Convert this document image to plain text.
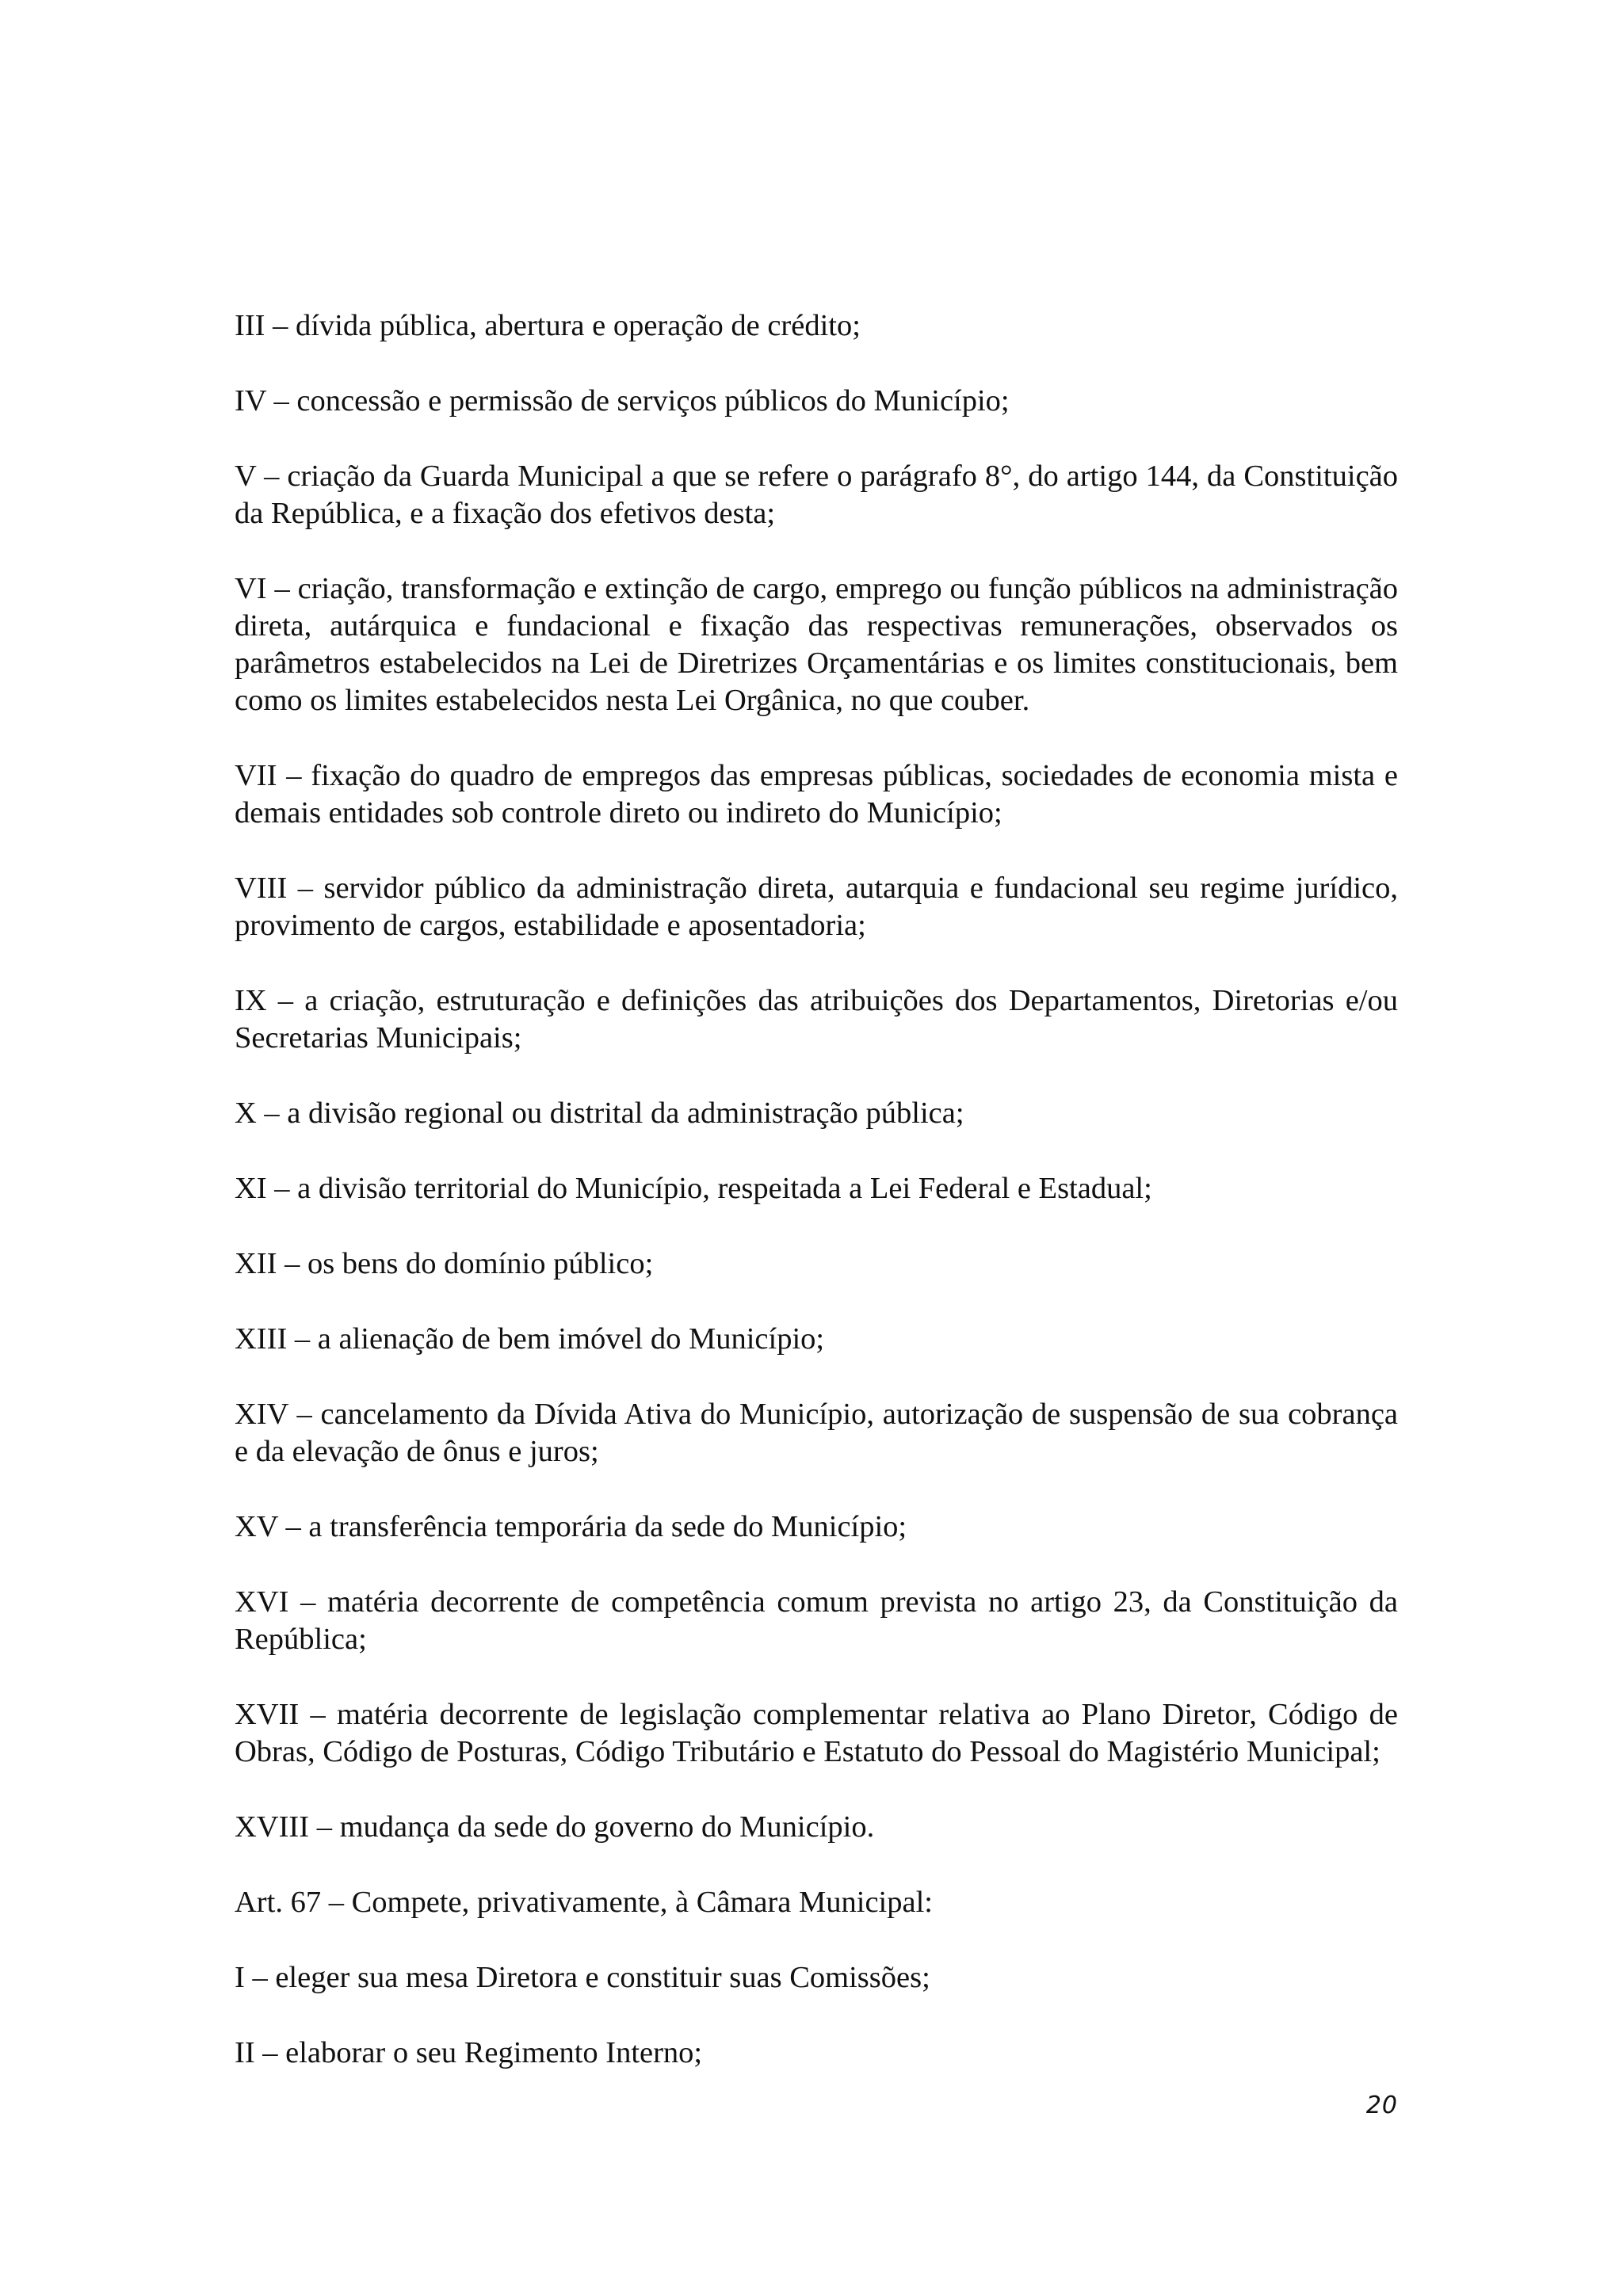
III – dívida pública, abertura e operação de crédito;

IV – concessão e permissão de serviços públicos do Município;

V – criação da Guarda Municipal a que se refere o parágrafo 8°, do artigo 144, da Constituição da República, e a fixação dos efetivos desta;

VI – criação, transformação e extinção de cargo, emprego ou função públicos na administração direta, autárquica e fundacional e fixação das respectivas remunerações, observados os parâmetros estabelecidos na Lei de Diretrizes Orçamentárias e os limites constitucionais, bem como os limites estabelecidos nesta Lei Orgânica, no que couber.

VII – fixação do quadro de empregos das empresas públicas, sociedades de economia mista e demais entidades sob controle direto ou indireto do Município;

VIII – servidor público da administração direta, autarquia e fundacional seu regime jurídico, provimento de cargos, estabilidade e aposentadoria;

IX – a criação, estruturação e definições das atribuições dos Departamentos, Diretorias e/ou Secretarias Municipais;

X – a divisão regional ou distrital da administração pública;

XI – a divisão territorial do Município, respeitada a Lei Federal e Estadual;

XII – os bens do domínio público;

XIII – a alienação de bem imóvel do Município;

XIV – cancelamento da Dívida Ativa do Município, autorização de suspensão de sua cobrança e da elevação de ônus e juros;

XV – a transferência temporária da sede do Município;

XVI – matéria decorrente de competência comum prevista no artigo 23, da Constituição da República;

XVII – matéria decorrente de legislação complementar relativa ao Plano Diretor, Código de Obras, Código de Posturas, Código Tributário e Estatuto do Pessoal do Magistério Municipal;

XVIII – mudança da sede do governo do Município.

Art. 67 – Compete, privativamente, à Câmara Municipal:

I – eleger sua mesa Diretora e constituir suas Comissões;

II – elaborar o seu Regimento Interno;

20
